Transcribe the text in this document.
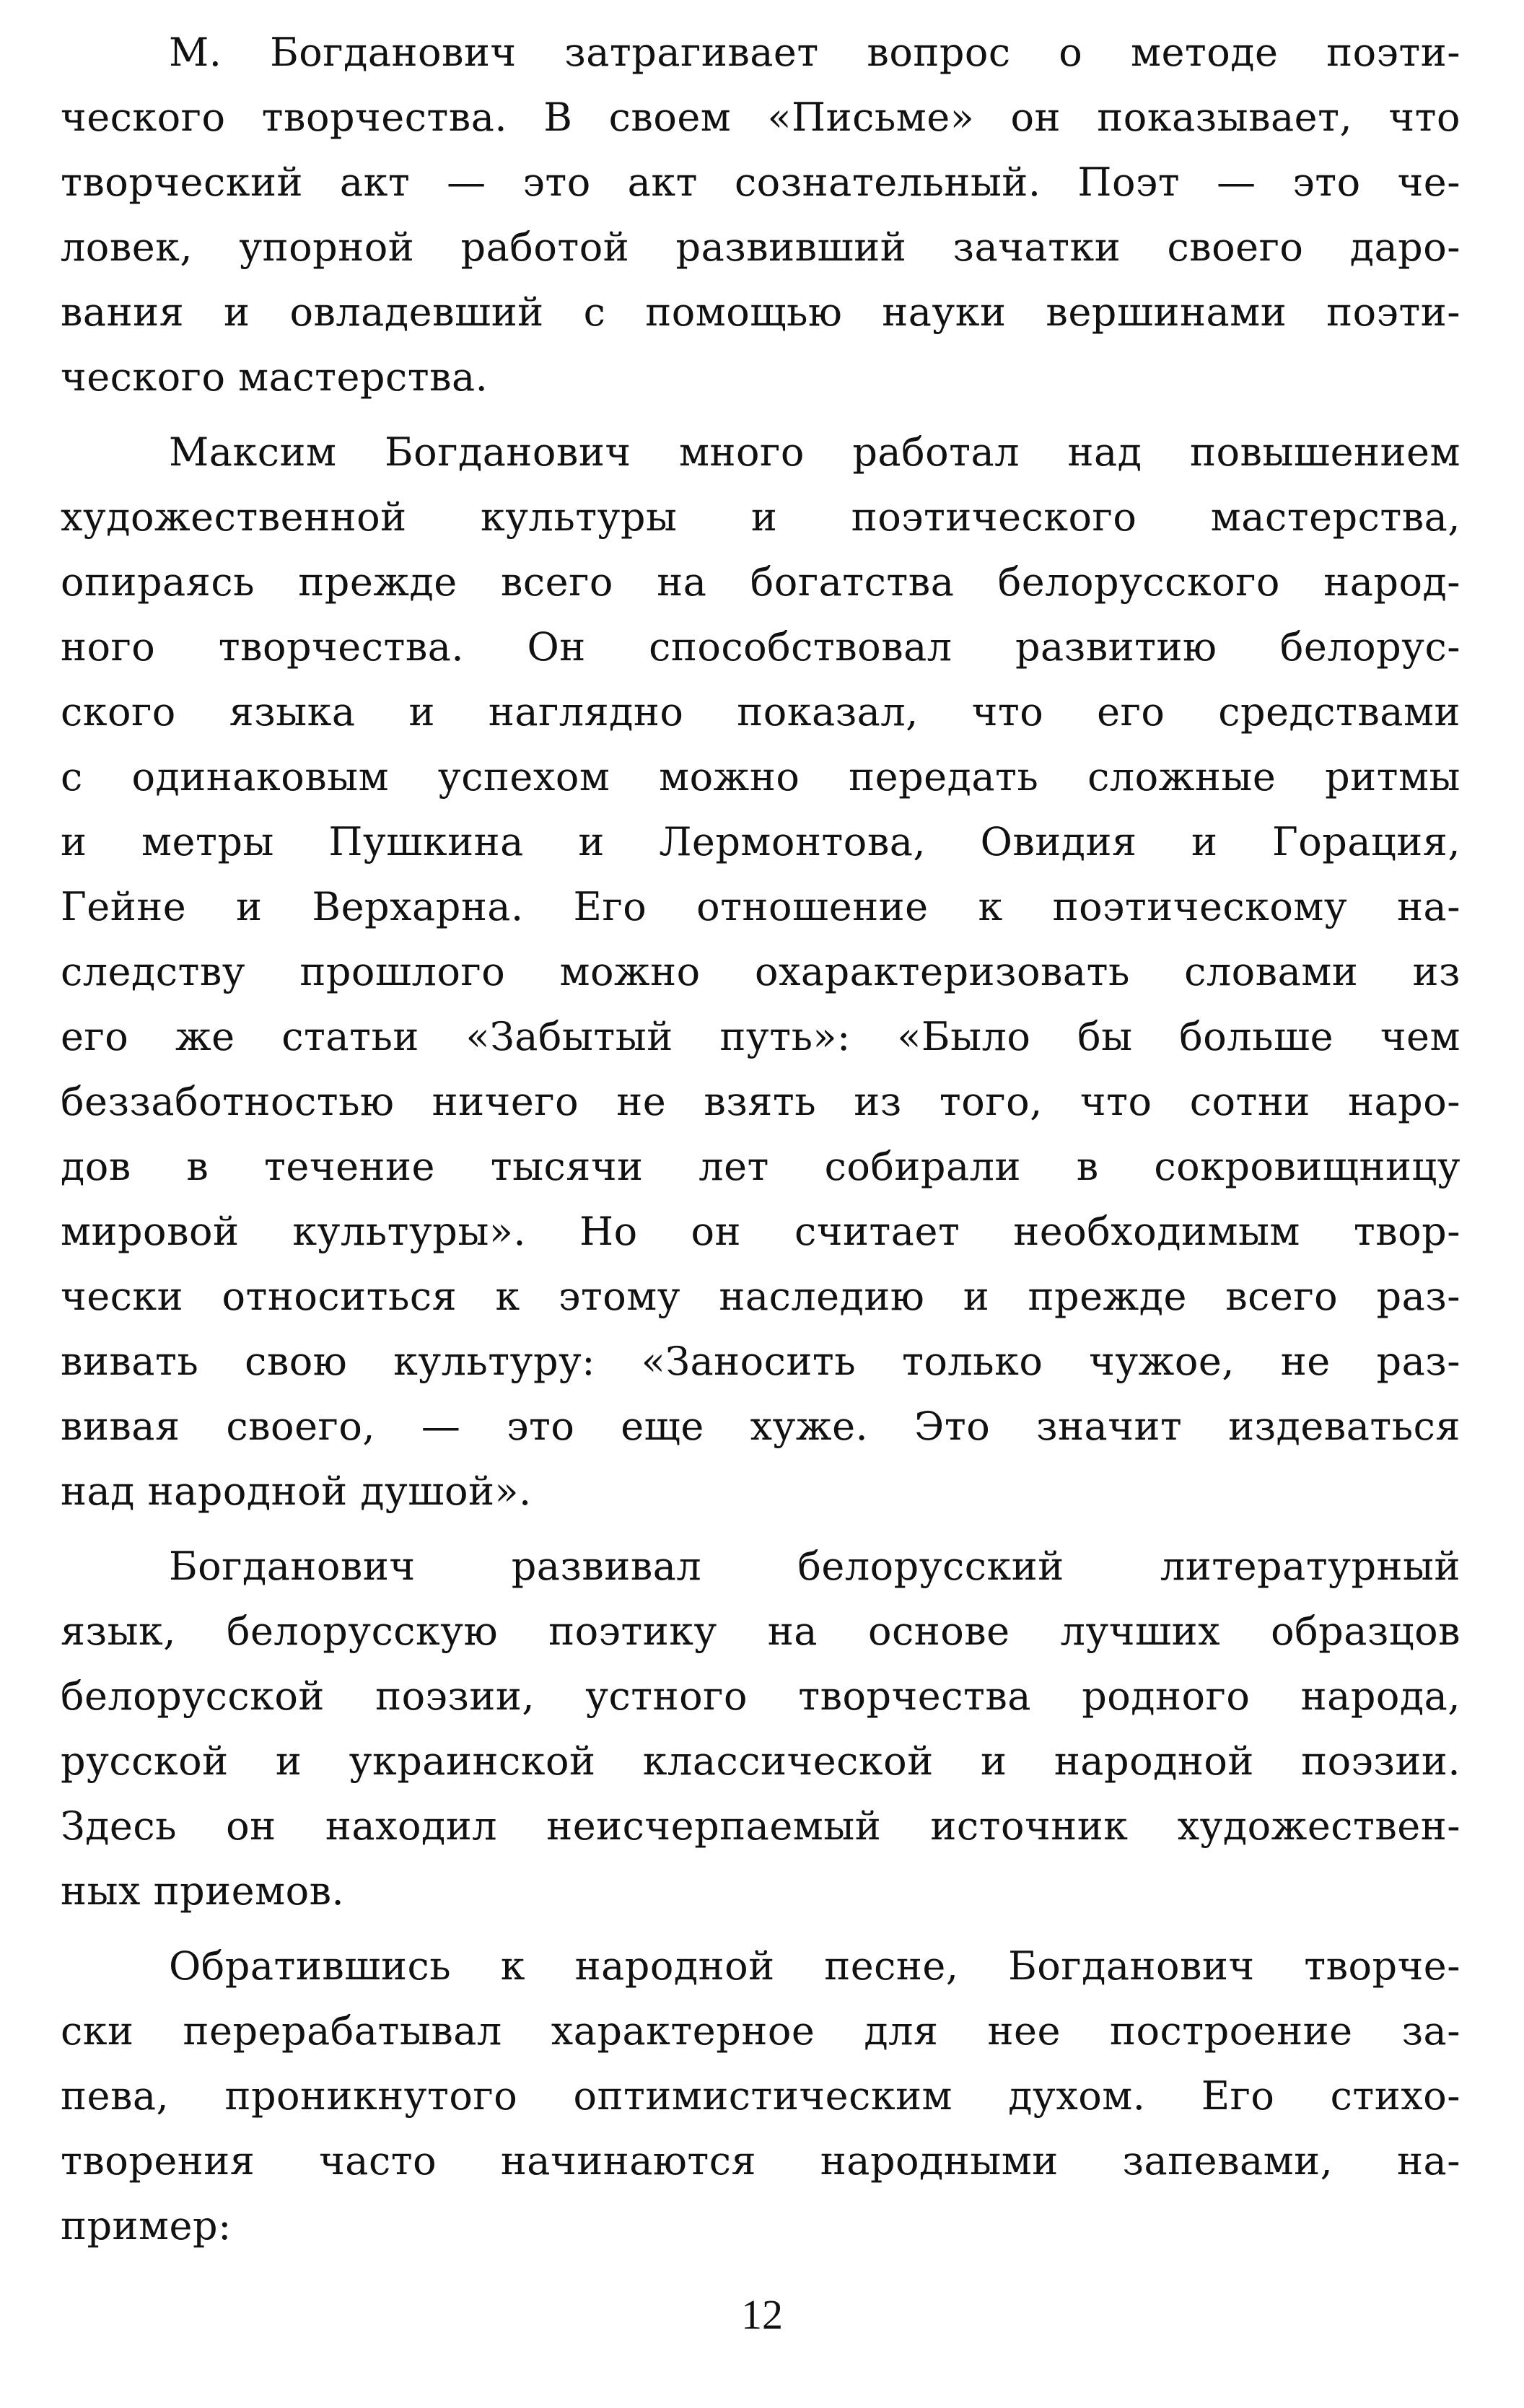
М. Богданович затрагивает вопрос о методе поэти-
ческого творчества. В своем «Письме» он показывает, что
творческий акт — это акт сознательный. Поэт — это че-
ловек, упорной работой развивший зачатки своего даро-
вания и овладевший с помощью науки вершинами поэти-
ческого мастерства.
Максим Богданович много работал над повышением
художественной культуры и поэтического мастерства,
опираясь прежде всего на богатства белорусского народ-
ного творчества. Он способствовал развитию белорус-
ского языка и наглядно показал, что его средствами
с одинаковым успехом можно передать сложные ритмы
и метры Пушкина и Лермонтова, Овидия и Горация,
Гейне и Верхарна. Его отношение к поэтическому на-
следству прошлого можно охарактеризовать словами из
его же статьи «Забытый путь»: «Было бы больше чем
беззаботностью ничего не взять из того, что сотни наро-
дов в течение тысячи лет собирали в сокровищницу
мировой культуры». Но он считает необходимым твор-
чески относиться к этому наследию и прежде всего раз-
вивать свою культуру: «Заносить только чужое, не раз-
вивая своего, — это еще хуже. Это значит издеваться
над народной душой».
Богданович развивал белорусский литературный
язык, белорусскую поэтику на основе лучших образцов
белорусской поэзии, устного творчества родного народа,
русской и украинской классической и народной поэзии.
Здесь он находил неисчерпаемый источник художествен-
ных приемов.
Обратившись к народной песне, Богданович творче-
ски перерабатывал характерное для нее построение за-
пева, проникнутого оптимистическим духом. Его стихо-
творения часто начинаются народными запевами, на-
пример:
12
